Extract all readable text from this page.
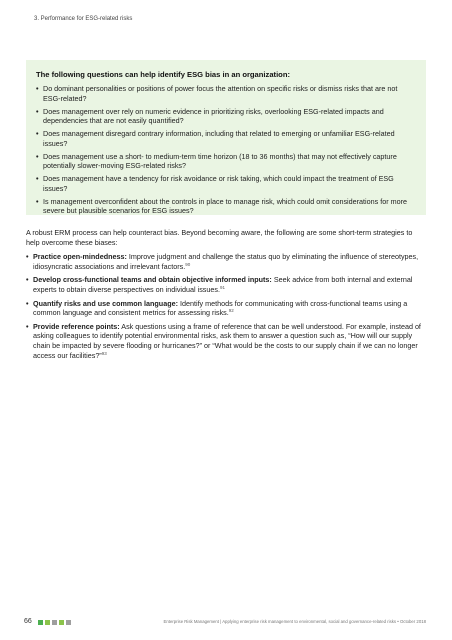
3. Performance for ESG-related risks

The following questions can help identify ESG bias in an organization:

• Do dominant personalities or positions of power focus the attention on specific risks or dismiss risks that are not ESG-related?
• Does management over rely on numeric evidence in prioritizing risks, overlooking ESG-related impacts and dependencies that are not easily quantified?
• Does management disregard contrary information, including that related to emerging or unfamiliar ESG-related issues?
• Does management use a short- to medium-term time horizon (18 to 36 months) that may not effectively capture potentially slower-moving ESG-related risks?
• Does management have a tendency for risk avoidance or risk taking, which could impact the treatment of ESG issues?
• Is management overconfident about the controls in place to manage risk, which could omit considerations for more severe but plausible scenarios for ESG issues?

A robust ERM process can help counteract bias. Beyond becoming aware, the following are some short-term strategies to help overcome these biases:

• Practice open-mindedness: Improve judgment and challenge the status quo by eliminating the influence of stereotypes, idiosyncratic associations and irrelevant factors.$^{90}$
• Develop cross-functional teams and obtain objective informed inputs: Seek advice from both internal and external experts to obtain diverse perspectives on individual issues.$^{91}$
• Quantify risks and use common language: Identify methods for communicating with cross-functional teams using a common language and consistent metrics for assessing risks.$^{92}$
• Provide reference points: Ask questions using a frame of reference that can be well understood. For example, instead of asking colleagues to identify potential environmental risks, ask them to answer a question such as, “How will our supply chain be impacted by severe flooding or hurricanes?” or “What would be the costs to our supply chain if we can no longer access our facilities?”$^{93}$
66	Enterprise Risk Management | Applying enterprise risk management to environmental, social and governance-related risks • October 2018
